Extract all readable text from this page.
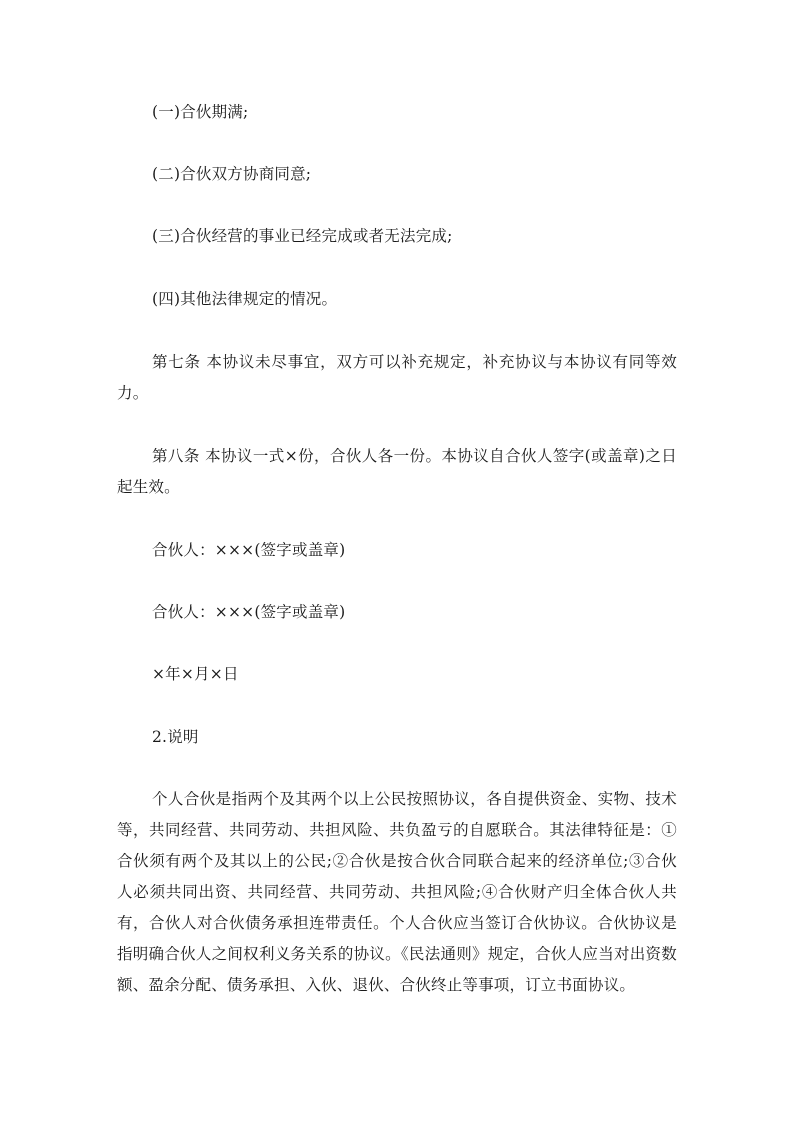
(一)合伙期满;

(二)合伙双方协商同意;

(三)合伙经营的事业已经完成或者无法完成;

(四)其他法律规定的情况。

第七条 本协议未尽事宜，双方可以补充规定，补充协议与本协议有同等效力。

第八条 本协议一式×份，合伙人各一份。本协议自合伙人签字(或盖章)之日起生效。

合伙人：×××(签字或盖章)

合伙人：×××(签字或盖章)

×年×月×日

2.说明

个人合伙是指两个及其两个以上公民按照协议，各自提供资金、实物、技术等，共同经营、共同劳动、共担风险、共负盈亏的自愿联合。其法律特征是：①合伙须有两个及其以上的公民;②合伙是按合伙合同联合起来的经济单位;③合伙人必须共同出资、共同经营、共同劳动、共担风险;④合伙财产归全体合伙人共有，合伙人对合伙债务承担连带责任。个人合伙应当签订合伙协议。合伙协议是指明确合伙人之间权利义务关系的协议。《民法通则》规定，合伙人应当对出资数额、盈余分配、债务承担、入伙、退伙、合伙终止等事项，订立书面协议。
